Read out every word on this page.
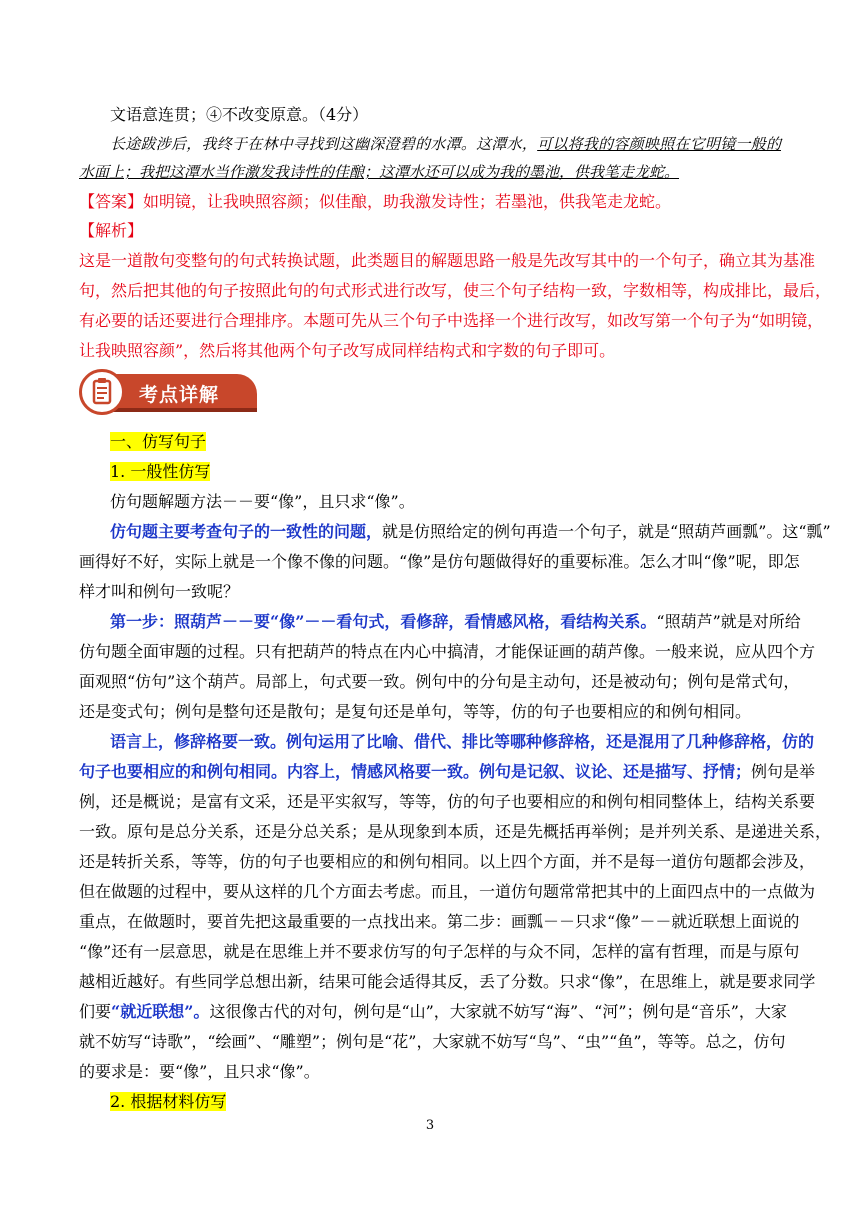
文语意连贯；④不改变原意。（4分）
长途跋涉后，我终于在林中寻找到这幽深澄碧的水潭。这潭水，可以将我的容颜映照在它明镜一般的
水面上；我把这潭水当作激发我诗性的佳酿；这潭水还可以成为我的墨池，供我笔走龙蛇。
【答案】如明镜，让我映照容颜；似佳酿，助我激发诗性；若墨池，供我笔走龙蛇。
【解析】
这是一道散句变整句的句式转换试题，此类题目的解题思路一般是先改写其中的一个句子，确立其为基准
句，然后把其他的句子按照此句的句式形式进行改写，使三个句子结构一致，字数相等，构成排比，最后，
有必要的话还要进行合理排序。本题可先从三个句子中选择一个进行改写，如改写第一个句子为“如明镜，
让我映照容颜”，然后将其他两个句子改写成同样结构式和字数的句子即可。
考点详解
一、仿写句子
1. 一般性仿写
仿句题解题方法－－要“像”，且只求“像”。
仿句题主要考查句子的一致性的问题，就是仿照给定的例句再造一个句子，就是“照葫芦画瓢”。这“瓢”
画得好不好，实际上就是一个像不像的问题。“像”是仿句题做得好的重要标准。怎么才叫“像”呢，即怎
样才叫和例句一致呢？
第一步：照葫芦－－要“像”－－看句式，看修辞，看情感风格，看结构关系。“照葫芦”就是对所给
仿句题全面审题的过程。只有把葫芦的特点在内心中搞清，才能保证画的葫芦像。一般来说，应从四个方
面观照“仿句”这个葫芦。局部上，句式要一致。例句中的分句是主动句，还是被动句；例句是常式句，
还是变式句；例句是整句还是散句；是复句还是单句，等等，仿的句子也要相应的和例句相同。
语言上，修辞格要一致。例句运用了比喻、借代、排比等哪种修辞格，还是混用了几种修辞格，仿的
句子也要相应的和例句相同。内容上，情感风格要一致。例句是记叙、议论、还是描写、抒情；例句是举
例，还是概说；是富有文采，还是平实叙写，等等，仿的句子也要相应的和例句相同整体上，结构关系要
一致。原句是总分关系，还是分总关系；是从现象到本质，还是先概括再举例；是并列关系、是递进关系，
还是转折关系，等等，仿的句子也要相应的和例句相同。以上四个方面，并不是每一道仿句题都会涉及，
但在做题的过程中，要从这样的几个方面去考虑。而且，一道仿句题常常把其中的上面四点中的一点做为
重点，在做题时，要首先把这最重要的一点找出来。第二步：画瓢－－只求“像”－－就近联想上面说的
“像”还有一层意思，就是在思维上并不要求仿写的句子怎样的与众不同，怎样的富有哲理，而是与原句
越相近越好。有些同学总想出新，结果可能会适得其反，丢了分数。只求“像”，在思维上，就是要求同学
们要“就近联想”。这很像古代的对句，例句是“山”，大家就不妨写“海”、“河”；例句是“音乐”，大家
就不妨写“诗歌”，“绘画”、“雕塑”；例句是“花”，大家就不妨写“鸟”、“虫”“鱼”，等等。总之，仿句
的要求是：要“像”，且只求“像”。
2. 根据材料仿写
3
